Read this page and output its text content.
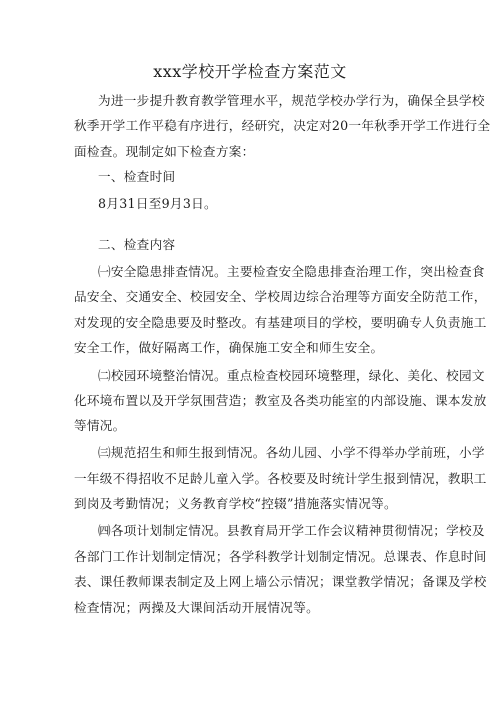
xxx学校开学检查方案范文
为进一步提升教育教学管理水平，规范学校办学行为，确保全县学校
秋季开学工作平稳有序进行，经研究，决定对20一年秋季开学工作进行全
面检查。现制定如下检查方案：
一、检查时间
8月31日至9月3日。
二、检查内容
㈠安全隐患排查情况。主要检查安全隐患排查治理工作，突出检查食
品安全、交通安全、校园安全、学校周边综合治理等方面安全防范工作，
对发现的安全隐患要及时整改。有基建项目的学校，要明确专人负责施工
安全工作，做好隔离工作，确保施工安全和师生安全。
㈡校园环境整治情况。重点检查校园环境整理，绿化、美化、校园文
化环境布置以及开学氛围营造；教室及各类功能室的内部设施、课本发放
等情况。
㈢规范招生和师生报到情况。各幼儿园、小学不得举办学前班，小学
一年级不得招收不足龄儿童入学。各校要及时统计学生报到情况，教职工
到岗及考勤情况；义务教育学校“控辍”措施落实情况等。
㈣各项计划制定情况。县教育局开学工作会议精神贯彻情况；学校及
各部门工作计划制定情况；各学科教学计划制定情况。总课表、作息时间
表、课任教师课表制定及上网上墙公示情况；课堂教学情况；备课及学校
检查情况；两操及大课间活动开展情况等。
